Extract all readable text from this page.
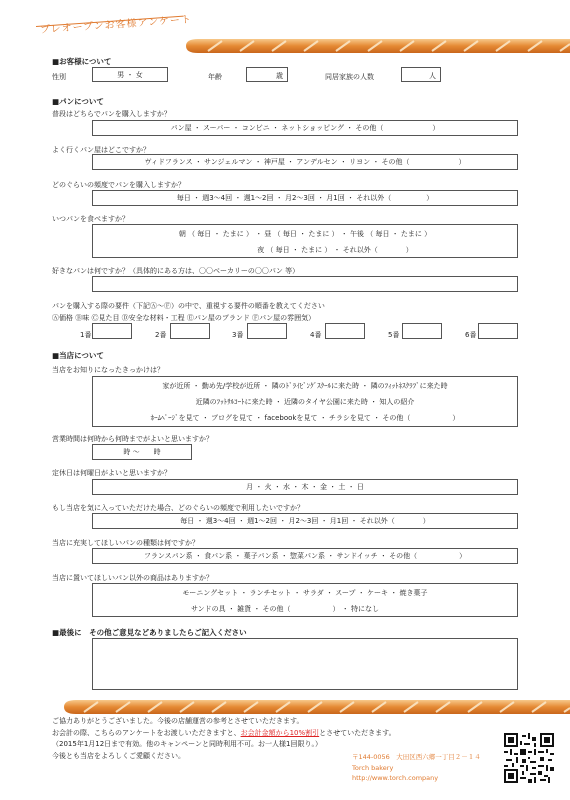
プレオープンお客様アンケート
■お客様について
性別	男 ・ 女	年齢	歳	同居家族の人数	人
■パンについて
普段はどちらでパンを購入しますか？
パン屋 ・ スーパー ・ コンビニ ・ ネットショッピング ・ その他（　　　　　　　）
よく行くパン屋はどこですか？
ヴィドフランス ・ サンジェルマン ・ 神戸屋 ・ アンデルセン ・ リヨン ・ その他（　　　　　　　）
どのぐらいの頻度でパンを購入しますか？
毎日 ・ 週3～4回 ・ 週1～2回 ・ 月2～3回 ・ 月1回 ・ それ以外（　　　　　）
いつパンを食べますか？
朝 （ 毎日 ・ たまに ） ・ 昼 （ 毎日 ・ たまに ） ・ 午後 （ 毎日 ・ たまに ）
夜 （ 毎日 ・ たまに ） ・ それ以外（　　　　）
好きなパンは何ですか？（具体的にある方は、〇〇ベーカリーの〇〇パン 等）
パンを購入する際の要件（下記Ⓐ～Ⓕ）の中で、重視する要件の順番を教えてください
Ⓐ価格 Ⓑ味 Ⓒ見た目 Ⓓ安全な材料・工程 Ⓔパン屋のブランド Ⓕパン屋の雰囲気）
1番	2番	3番	4番	5番	6番
■当店について
当店をお知りになったきっかけは？
家が近所 ・ 勤め先/学校が近所 ・ 隣のﾄﾞﾗｲﾋﾞﾝｸﾞｽｸｰﾙに来た時 ・ 隣のﾌｨｯﾄﾈｽｸﾗﾌﾞに来た時
近隣のﾌｯﾄｻﾙｺｰﾄに来た時 ・ 近隣のタイヤ公園に来た時 ・ 知人の紹介
ﾎｰﾑﾍﾟｰｼﾞを見て ・ ブログを見て ・ facebookを見て ・ チラシを見て ・ その他（　　　　　　）
営業時間は何時から何時までがよいと思いますか？
時 ～　　時
定休日は何曜日がよいと思いますか？
月 ・ 火 ・ 水 ・ 木 ・ 金 ・ 土 ・ 日
もし当店を気に入っていただけた場合、どのぐらいの頻度で利用したいですか？
毎日 ・ 週3～4回 ・ 週1～2回 ・ 月2～3回 ・ 月1回 ・ それ以外（　　　　）
当店に充実してほしいパンの種類は何ですか？
フランスパン系 ・ 食パン系 ・ 菓子パン系 ・ 惣菜パン系 ・ サンドイッチ ・ その他（　　　　　　）
当店に置いてほしいパン以外の商品はありますか？
モーニングセット ・ ランチセット ・ サラダ ・ スープ ・ ケーキ ・ 焼き菓子
サンドの具 ・ 雑貨 ・ その他（　　　　　　） ・ 特になし
■最後に　その他ご意見などありましたらご記入ください
ご協力ありがとうございました。今後の店舗運営の参考とさせていただきます。
お会計の際、こちらのアンケートをお渡しいただきますと、お会計金額から10%割引とさせていただきます。
（2015年1月12日まで有効。他のキャンペーンと同時利用不可。お一人様1回限り。）
今後とも当店をよろしくご愛顧ください。	〒144-0056　大田区西六郷一丁目２－１４
Torch bakery
http://www.torch.company
